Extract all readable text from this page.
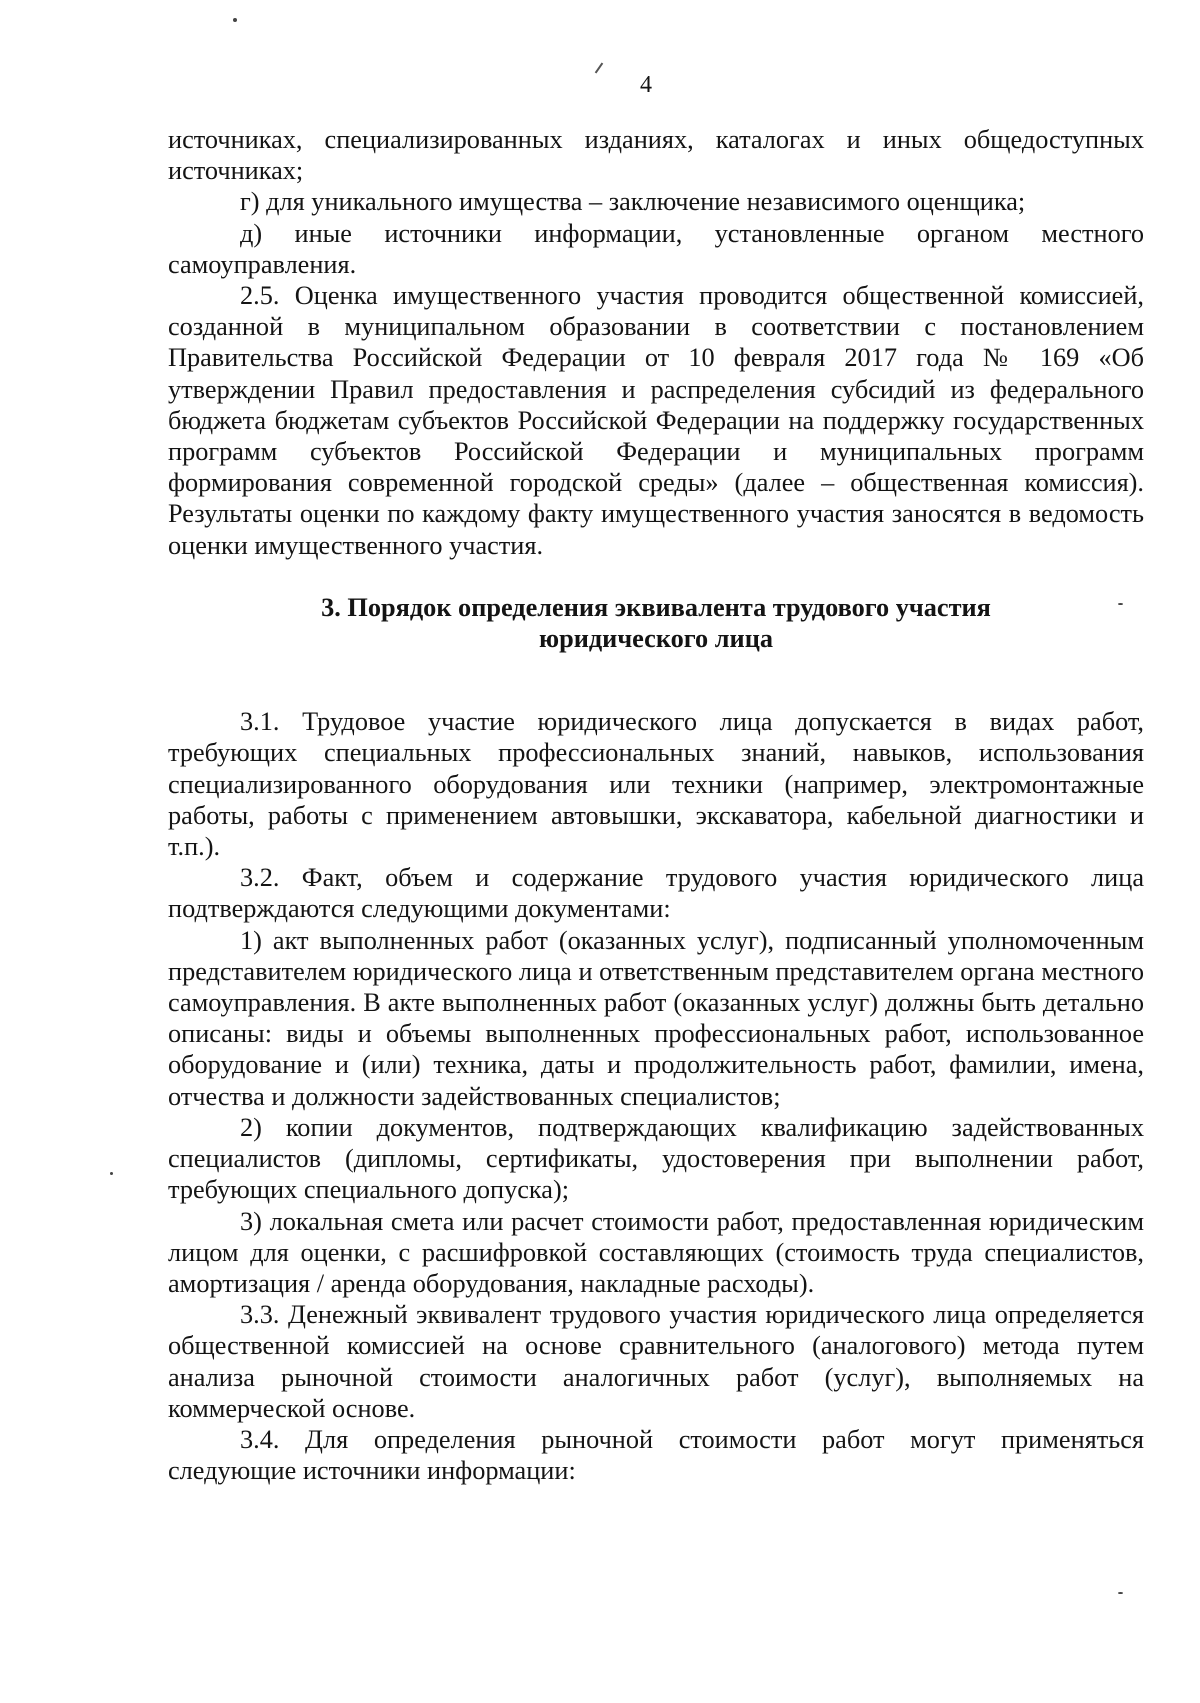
4

источниках, специализированных изданиях, каталогах и иных общедоступных источниках;

г) для уникального имущества – заключение независимого оценщика;

д) иные источники информации, установленные органом местного самоуправления.

2.5. Оценка имущественного участия проводится общественной комиссией, созданной в муниципальном образовании в соответствии с постановлением Правительства Российской Федерации от 10 февраля 2017 года № 169 «Об утверждении Правил предоставления и распределения субсидий из федерального бюджета бюджетам субъектов Российской Федерации на поддержку государственных программ субъектов Российской Федерации и муниципальных программ формирования современной городской среды» (далее – общественная комиссия). Результаты оценки по каждому факту имущественного участия заносятся в ведомость оценки имущественного участия.

3. Порядок определения эквивалента трудового участия
юридического лица

3.1. Трудовое участие юридического лица допускается в видах работ, требующих специальных профессиональных знаний, навыков, использования специализированного оборудования или техники (например, электромонтажные работы, работы с применением автовышки, экскаватора, кабельной диагностики и т.п.).

3.2. Факт, объем и содержание трудового участия юридического лица подтверждаются следующими документами:

1) акт выполненных работ (оказанных услуг), подписанный уполномоченным представителем юридического лица и ответственным представителем органа местного самоуправления. В акте выполненных работ (оказанных услуг) должны быть детально описаны: виды и объемы выполненных профессиональных работ, использованное оборудование и (или) техника, даты и продолжительность работ, фамилии, имена, отчества и должности задействованных специалистов;

2) копии документов, подтверждающих квалификацию задействованных специалистов (дипломы, сертификаты, удостоверения при выполнении работ, требующих специального допуска);

3) локальная смета или расчет стоимости работ, предоставленная юридическим лицом для оценки, с расшифровкой составляющих (стоимость труда специалистов, амортизация / аренда оборудования, накладные расходы).

3.3. Денежный эквивалент трудового участия юридического лица определяется общественной комиссией на основе сравнительного (аналогового) метода путем анализа рыночной стоимости аналогичных работ (услуг), выполняемых на коммерческой основе.

3.4. Для определения рыночной стоимости работ могут применяться следующие источники информации:
